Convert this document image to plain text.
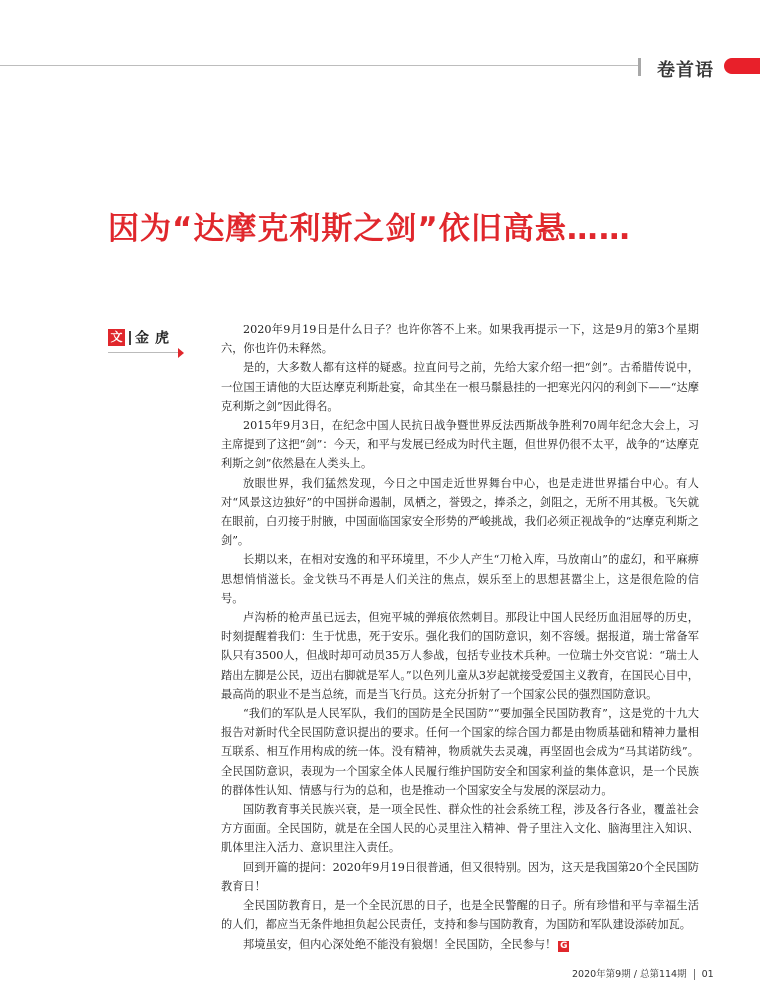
卷首语
因为“达摩克利斯之剑”依旧高悬……
文 金虎

2020年9月19日是什么日子？也许你答不上来。如果我再提示一下，这是9月的第3个星期六，你也许仍未释然。

是的，大多数人都有这样的疑惑。拉直问号之前，先给大家介绍一把“剑”。古希腊传说中，一位国王请他的大臣达摩克利斯赴宴，命其坐在一根马鬃悬挂的一把寒光闪闪的利剑下——“达摩克利斯之剑”因此得名。

2015年9月3日，在纪念中国人民抗日战争暨世界反法西斯战争胜利70周年纪念大会上，习主席提到了这把“剑”：今天，和平与发展已经成为时代主题，但世界仍很不太平，战争的“达摩克利斯之剑”依然悬在人类头上。

放眼世界，我们猛然发现，今日之中国走近世界舞台中心，也是走进世界擂台中心。有人对“风景这边独好”的中国拼命遏制，凤栖之，誉毁之，捧杀之，剑阻之，无所不用其极。飞矢就在眼前，白刃接于肘腋，中国面临国家安全形势的严峻挑战，我们必须正视战争的“达摩克利斯之剑”。

长期以来，在相对安逸的和平环境里，不少人产生“刀枪入库，马放南山”的虚幻，和平麻痹思想悄悄滋长。金戈铁马不再是人们关注的焦点，娱乐至上的思想甚嚣尘上，这是很危险的信号。

卢沟桥的枪声虽已远去，但宛平城的弹痕依然刺目。那段让中国人民经历血泪屈辱的历史，时刻提醒着我们：生于忧患，死于安乐。强化我们的国防意识，刻不容缓。据报道，瑞士常备军队只有3500人，但战时却可动员35万人参战，包括专业技术兵种。一位瑞士外交官说：“瑞士人踏出左脚是公民，迈出右脚就是军人。”以色列儿童从3岁起就接受爱国主义教育，在国民心目中，最高尚的职业不是当总统，而是当飞行员。这充分折射了一个国家公民的强烈国防意识。

“我们的军队是人民军队，我们的国防是全民国防”“要加强全民国防教育”，这是党的十九大报告对新时代全民国防意识提出的要求。任何一个国家的综合国力都是由物质基础和精神力量相互联系、相互作用构成的统一体。没有精神，物质就失去灵魂，再坚固也会成为“马其诺防线”。全民国防意识，表现为一个国家全体人民履行维护国防安全和国家利益的集体意识，是一个民族的群体性认知、情感与行为的总和，也是推动一个国家安全与发展的深层动力。

国防教育事关民族兴衰，是一项全民性、群众性的社会系统工程，涉及各行各业，覆盖社会方方面面。全民国防，就是在全国人民的心灵里注入精神、骨子里注入文化、脑海里注入知识、肌体里注入活力、意识里注入责任。

回到开篇的提问：2020年9月19日很普通，但又很特别。因为，这天是我国第20个全民国防教育日！

全民国防教育日，是一个全民沉思的日子，也是全民警醒的日子。所有珍惜和平与幸福生活的人们，都应当无条件地担负起公民责任，支持和参与国防教育，为国防和军队建设添砖加瓦。

邦境虽安，但内心深处绝不能没有狼烟！全民国防，全民参与！ G

2020年第9期 / 总第114期 01
